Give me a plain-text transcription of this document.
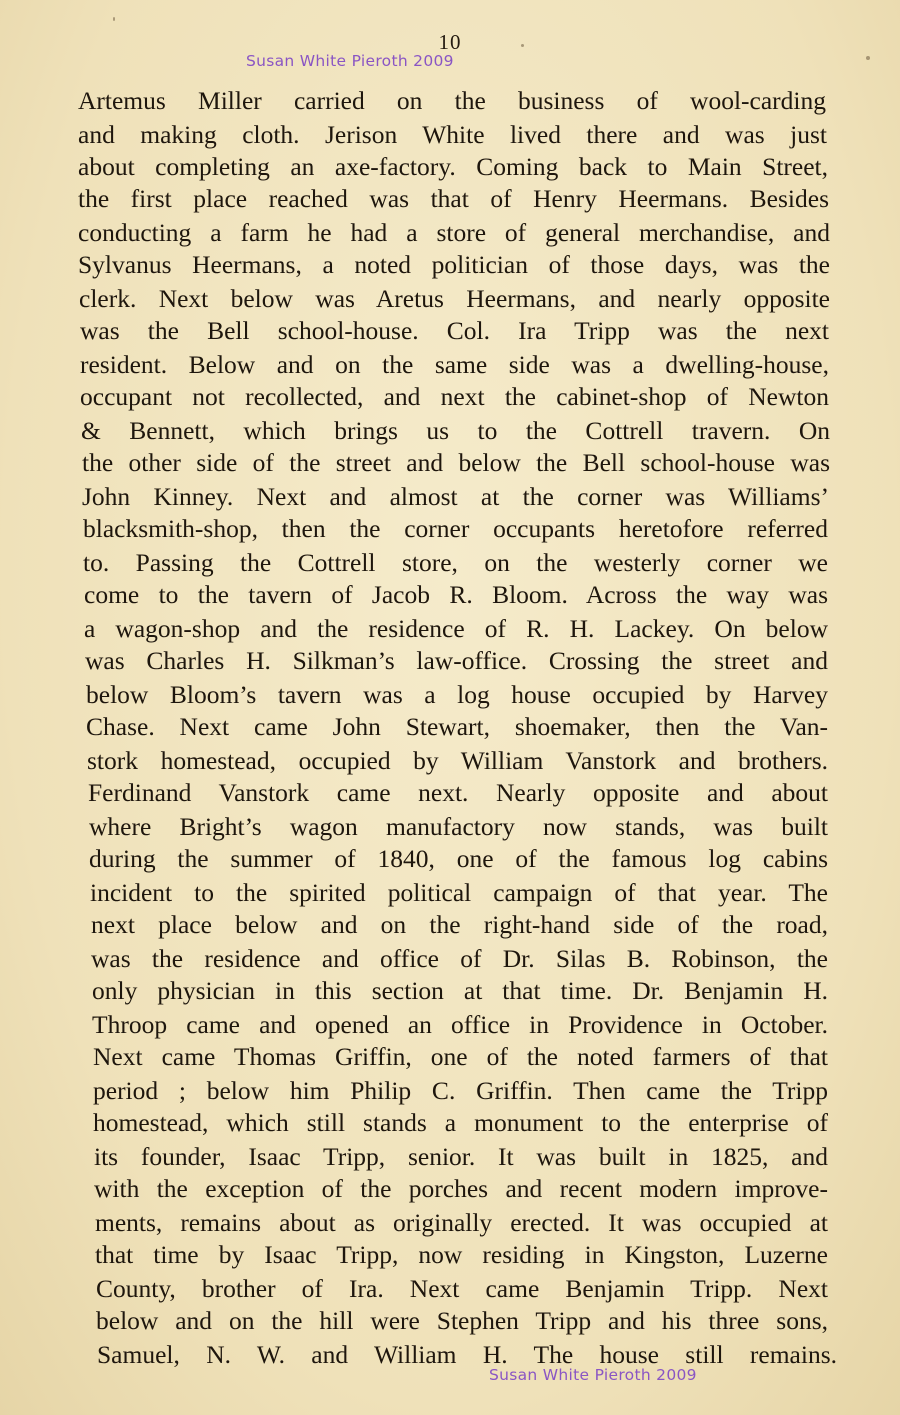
10
Susan White Pieroth 2009
Artemus Miller carried on the business of wool-carding
and making cloth. Jerison White lived there and was just
about completing an axe-factory. Coming back to Main Street,
the first place reached was that of Henry Heermans. Besides
conducting a farm he had a store of general merchandise, and
Sylvanus Heermans, a noted politician of those days, was the
clerk. Next below was Aretus Heermans, and nearly opposite
was the Bell school-house. Col. Ira Tripp was the next
resident. Below and on the same side was a dwelling-house,
occupant not recollected, and next the cabinet-shop of Newton
& Bennett, which brings us to the Cottrell travern. On
the other side of the street and below the Bell school-house was
John Kinney. Next and almost at the corner was Williams’
blacksmith-shop, then the corner occupants heretofore referred
to. Passing the Cottrell store, on the westerly corner we
come to the tavern of Jacob R. Bloom. Across the way was
a wagon-shop and the residence of R. H. Lackey. On below
was Charles H. Silkman’s law-office. Crossing the street and
below Bloom’s tavern was a log house occupied by Harvey
Chase. Next came John Stewart, shoemaker, then the Van-
stork homestead, occupied by William Vanstork and brothers.
Ferdinand Vanstork came next. Nearly opposite and about
where Bright’s wagon manufactory now stands, was built
during the summer of 1840, one of the famous log cabins
incident to the spirited political campaign of that year. The
next place below and on the right-hand side of the road,
was the residence and office of Dr. Silas B. Robinson, the
only physician in this section at that time. Dr. Benjamin H.
Throop came and opened an office in Providence in October.
Next came Thomas Griffin, one of the noted farmers of that
period ; below him Philip C. Griffin. Then came the Tripp
homestead, which still stands a monument to the enterprise of
its founder, Isaac Tripp, senior. It was built in 1825, and
with the exception of the porches and recent modern improve-
ments, remains about as originally erected. It was occupied at
that time by Isaac Tripp, now residing in Kingston, Luzerne
County, brother of Ira. Next came Benjamin Tripp. Next
below and on the hill were Stephen Tripp and his three sons,
Samuel, N. W. and William H. The house still remains.
Susan White Pieroth 2009
